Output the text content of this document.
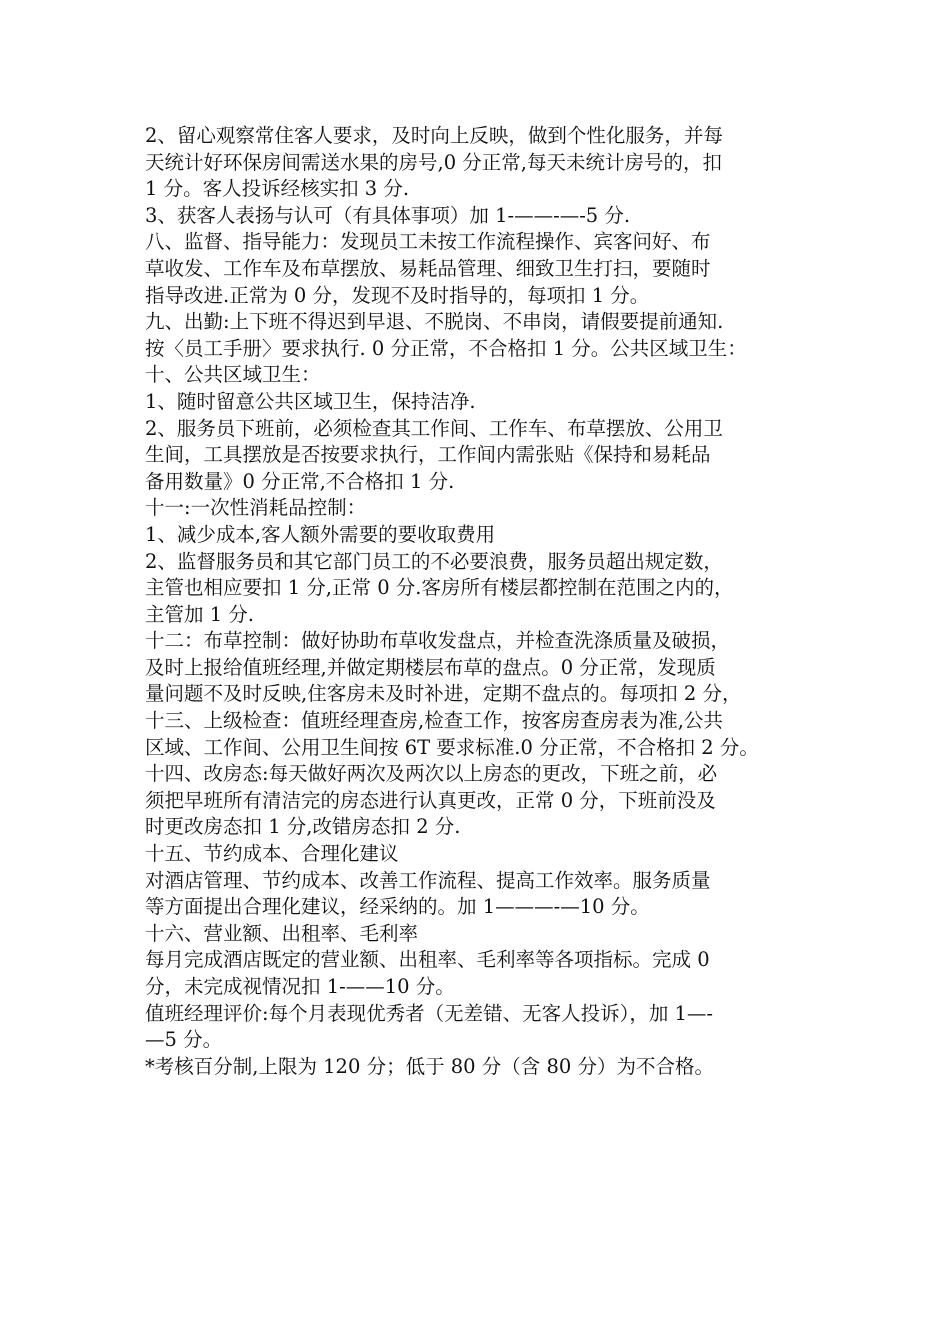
2、留心观察常住客人要求，及时向上反映，做到个性化服务，并每
天统计好环保房间需送水果的房号,0 分正常,每天未统计房号的，扣
1 分。客人投诉经核实扣 3 分.
3、获客人表扬与认可（有具体事项）加 1-——-—-5 分.
八、监督、指导能力：发现员工未按工作流程操作、宾客问好、布
草收发、工作车及布草摆放、易耗品管理、细致卫生打扫，要随时
指导改进.正常为 0 分，发现不及时指导的，每项扣 1 分。
九、出勤:上下班不得迟到早退、不脱岗、不串岗，请假要提前通知.
按〈员工手册〉要求执行. 0 分正常，不合格扣 1 分。公共区域卫生：
十、公共区域卫生：
1、随时留意公共区域卫生，保持洁净.
2、服务员下班前，必须检查其工作间、工作车、布草摆放、公用卫
生间，工具摆放是否按要求执行，工作间内需张贴《保持和易耗品
备用数量》0 分正常,不合格扣 1 分.
十一:一次性消耗品控制：
1、减少成本,客人额外需要的要收取费用
2、监督服务员和其它部门员工的不必要浪费，服务员超出规定数，
主管也相应要扣 1 分,正常 0 分.客房所有楼层都控制在范围之内的，
主管加 1 分.
十二：布草控制：做好协助布草收发盘点，并检查洗涤质量及破损，
及时上报给值班经理,并做定期楼层布草的盘点。0 分正常，发现质
量问题不及时反映,住客房未及时补进，定期不盘点的。每项扣 2 分，
十三、上级检查：值班经理查房,检查工作，按客房查房表为准,公共
区域、工作间、公用卫生间按 6T 要求标准.0 分正常，不合格扣 2 分。
十四、改房态:每天做好两次及两次以上房态的更改，下班之前，必
须把早班所有清洁完的房态进行认真更改，正常 0 分，下班前没及
时更改房态扣 1 分,改错房态扣 2 分.
十五、节约成本、合理化建议
对酒店管理、节约成本、改善工作流程、提高工作效率。服务质量
等方面提出合理化建议，经采纳的。加 1———-—10 分。
十六、营业额、出租率、毛利率
每月完成酒店既定的营业额、出租率、毛利率等各项指标。完成 0
分，未完成视情况扣 1-——10 分。
值班经理评价:每个月表现优秀者（无差错、无客人投诉），加 1—-
—5 分。
*考核百分制,上限为 120 分；低于 80 分（含 80 分）为不合格。
